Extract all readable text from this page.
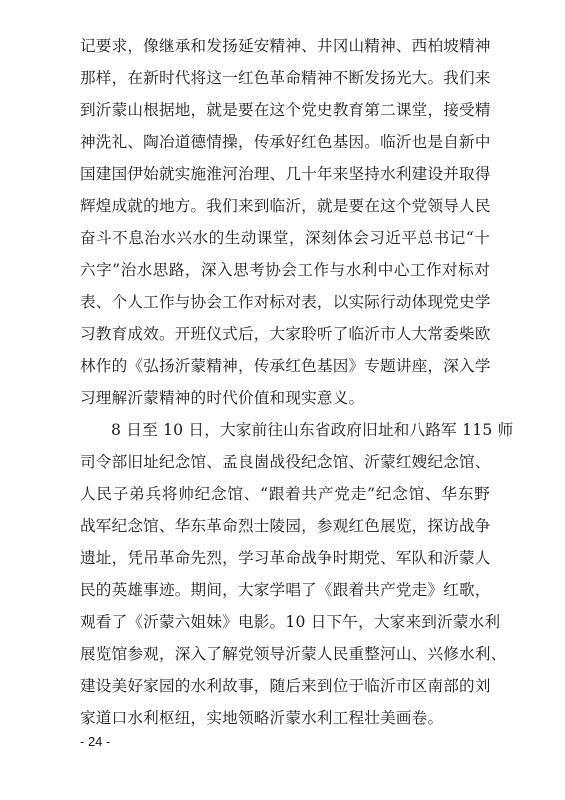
记要求，像继承和发扬延安精神、井冈山精神、西柏坡精神
那样，在新时代将这一红色革命精神不断发扬光大。我们来
到沂蒙山根据地，就是要在这个党史教育第二课堂，接受精
神洗礼、陶冶道德情操，传承好红色基因。临沂也是自新中
国建国伊始就实施淮河治理、几十年来坚持水利建设并取得
辉煌成就的地方。我们来到临沂，就是要在这个党领导人民
奋斗不息治水兴水的生动课堂，深刻体会习近平总书记“十
六字”治水思路，深入思考协会工作与水利中心工作对标对
表、个人工作与协会工作对标对表，以实际行动体现党史学
习教育成效。开班仪式后，大家聆听了临沂市人大常委柴欧
林作的《弘扬沂蒙精神，传承红色基因》专题讲座，深入学
习理解沂蒙精神的时代价值和现实意义。
8 日至 10 日，大家前往山东省政府旧址和八路军 115 师
司令部旧址纪念馆、孟良崮战役纪念馆、沂蒙红嫂纪念馆、
人民子弟兵将帅纪念馆、“跟着共产党走”纪念馆、华东野
战军纪念馆、华东革命烈士陵园，参观红色展览，探访战争
遗址，凭吊革命先烈，学习革命战争时期党、军队和沂蒙人
民的英雄事迹。期间，大家学唱了《跟着共产党走》红歌，
观看了《沂蒙六姐妹》电影。10 日下午，大家来到沂蒙水利
展览馆参观，深入了解党领导沂蒙人民重整河山、兴修水利、
建设美好家园的水利故事，随后来到位于临沂市区南部的刘
家道口水利枢纽，实地领略沂蒙水利工程壮美画卷。
- 24 -
